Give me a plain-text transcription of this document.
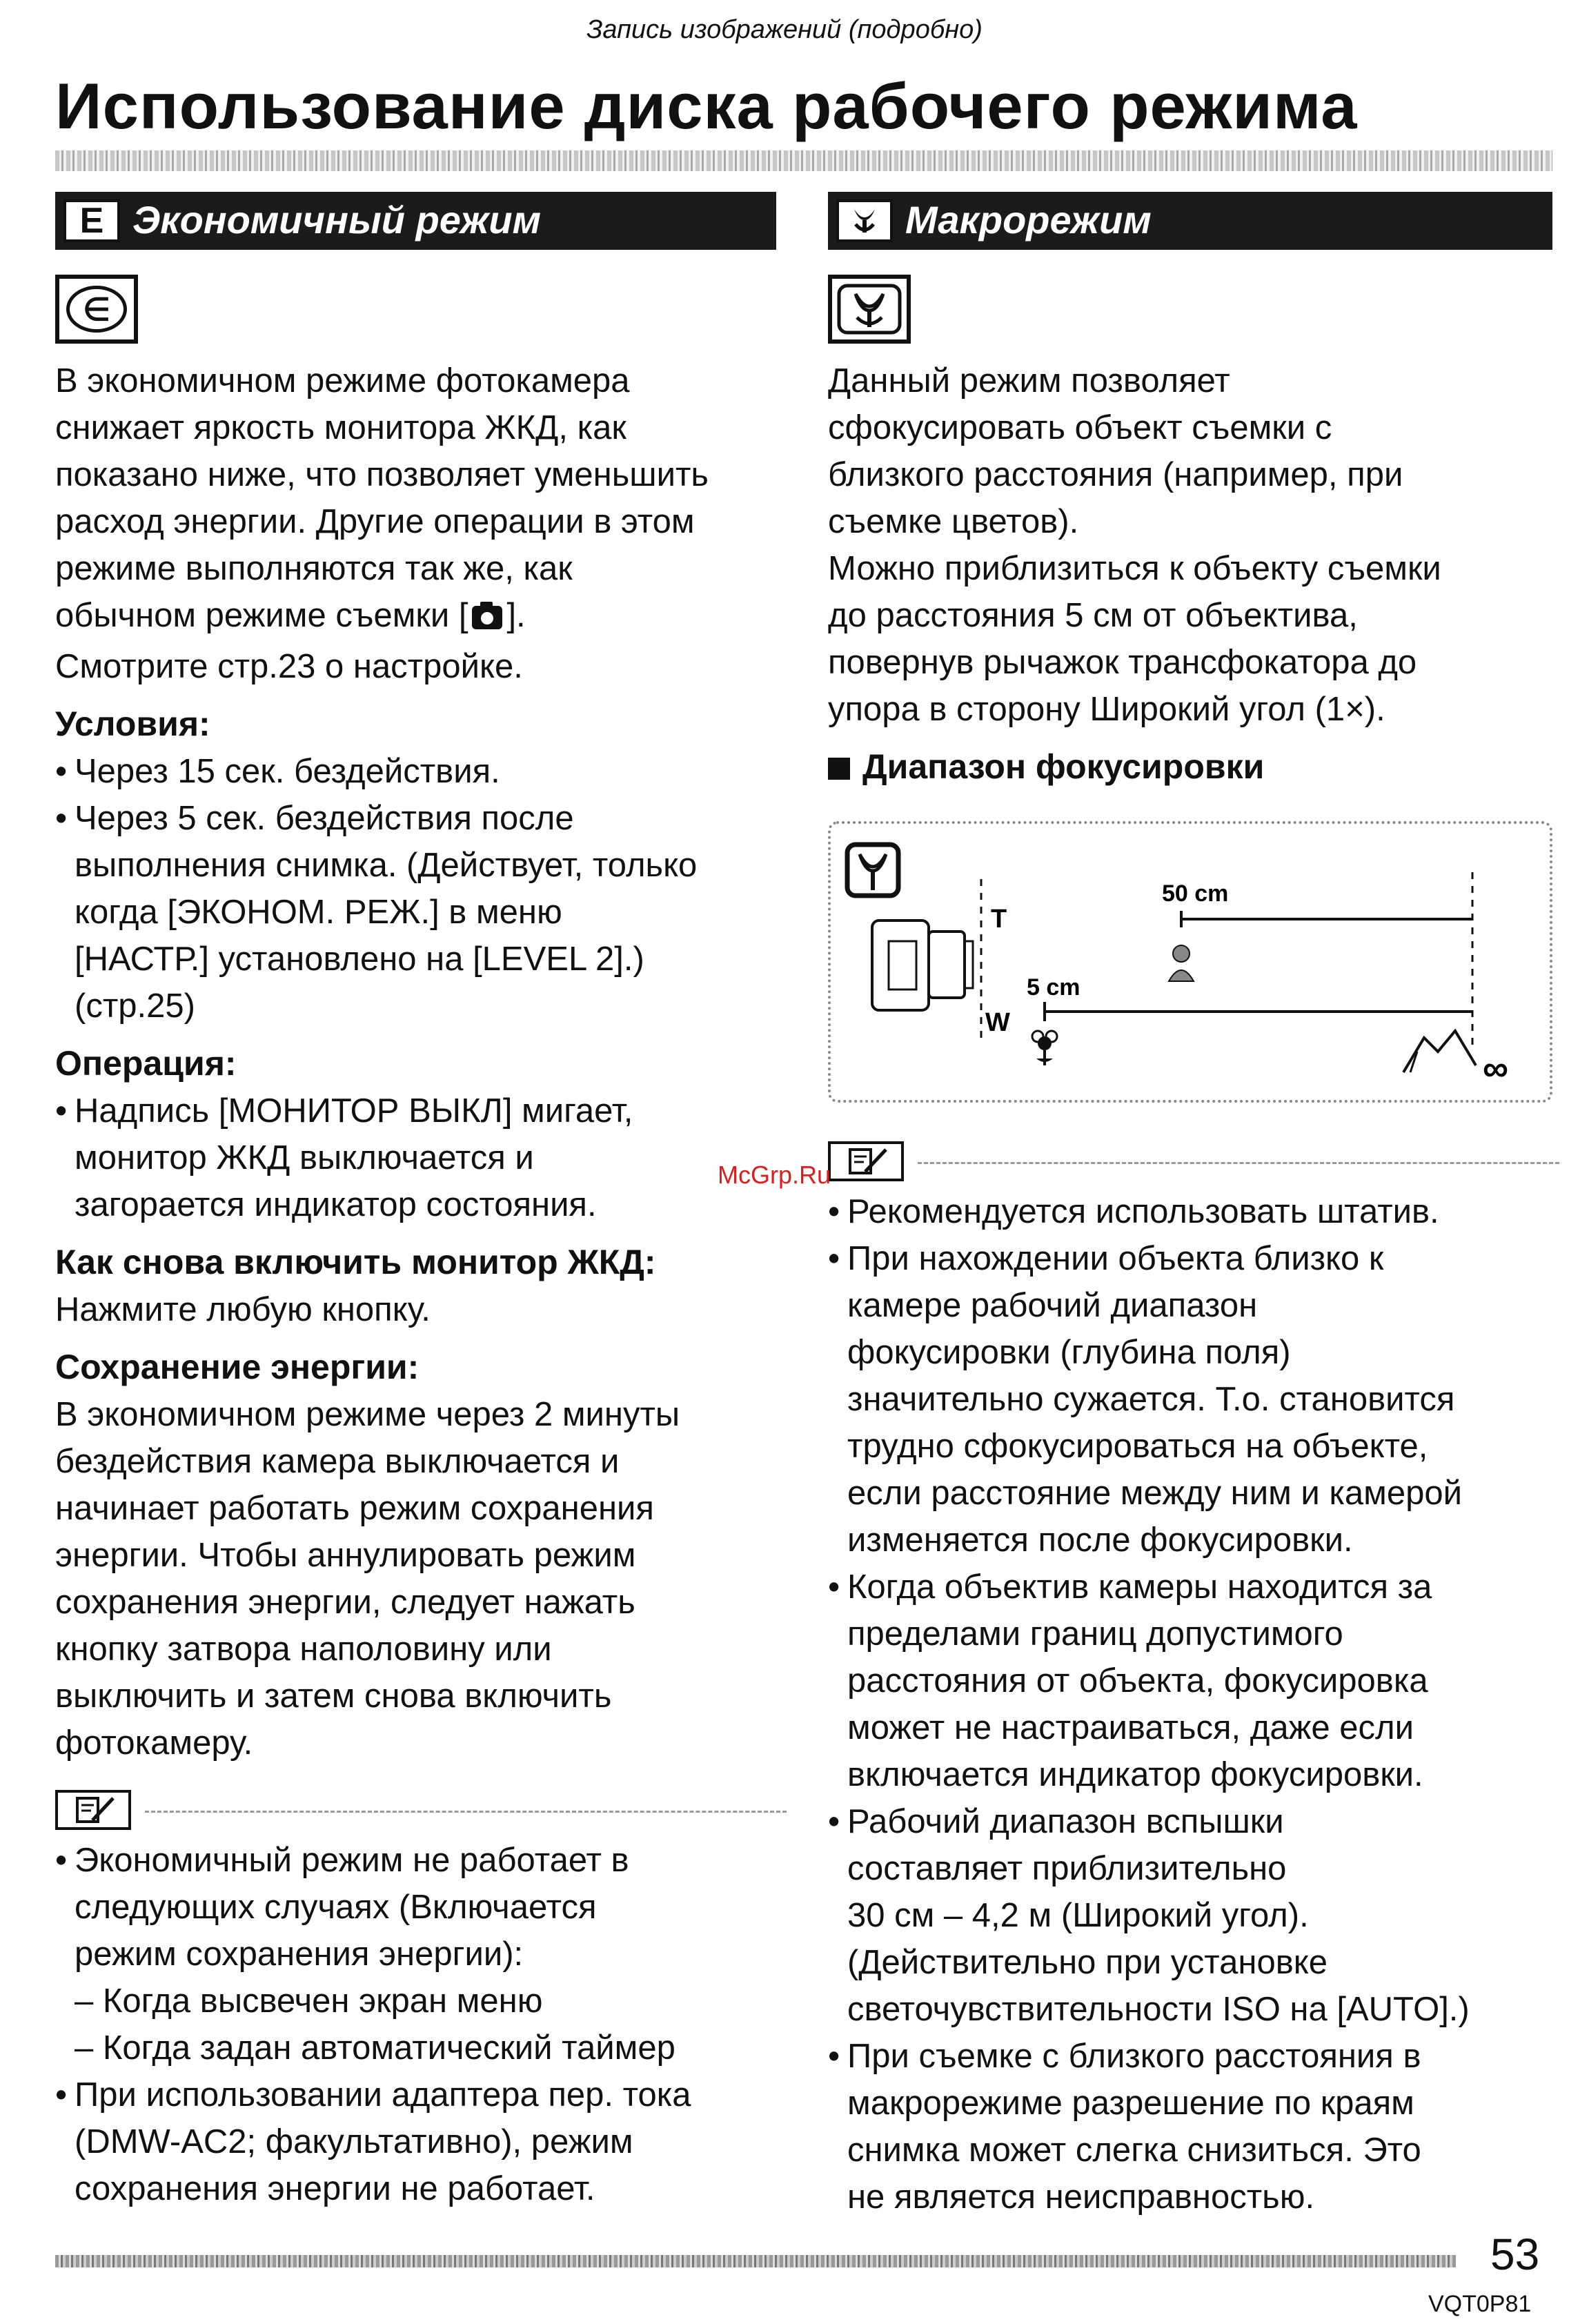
Запись изображений (подробно)
Использование диска рабочего режима
E Экономичный режим	Макрорежим
∈
В экономичном режиме фотокамера
снижает яркость монитора ЖКД, как
показано ниже, что позволяет уменьшить
расход энергии. Другие операции в этом
режиме выполняются так же, как
обычном режиме съемки [ ].
Смотрите стр.23 о настройке.
Условия:
• Через 15 сек. бездействия.
• Через 5 сек. бездействия после
выполнения снимка. (Действует, только
когда [ЭКОНОМ. РЕЖ.] в меню
[НАСТР.] установлено на [LEVEL 2].)
(стр.25)
Операция:
• Надпись [МОНИТОР ВЫКЛ] мигает,
монитор ЖКД выключается и
загорается индикатор состояния.
Как снова включить монитор ЖКД:
Нажмите любую кнопку.
Сохранение энергии:
В экономичном режиме через 2 минуты
бездействия камера выключается и
начинает работать режим сохранения
энергии. Чтобы аннулировать режим
сохранения энергии, следует нажать
кнопку затвора наполовину или
выключить и затем снова включить
фотокамеру.
• Экономичный режим не работает в
следующих случаях (Включается
режим сохранения энергии):
– Когда высвечен экран меню
– Когда задан автоматический таймер
• При использовании адаптера пер. тока
(DMW-AC2; факультативно), режим
сохранения энергии не работает.
Данный режим позволяет
сфокусировать объект съемки с
близкого расстояния (например, при
съемке цветов).
Можно приблизиться к объекту съемки
до расстояния 5 см от объектива,
повернув рычажок трансфокатора до
упора в сторону Широкий угол (1×).
Диапазон фокусировки
T
W
50 cm
5 cm
∞
• Рекомендуется использовать штатив.
• При нахождении объекта близко к
камере рабочий диапазон
фокусировки (глубина поля)
значительно сужается. Т.о. становится
трудно сфокусироваться на объекте,
если расстояние между ним и камерой
изменяется после фокусировки.
• Когда объектив камеры находится за
пределами границ допустимого
расстояния от объекта, фокусировка
может не настраиваться, даже если
включается индикатор фокусировки.
• Рабочий диапазон вспышки
составляет приблизительно
30 см – 4,2 м (Широкий угол).
(Действительно при установке
светочувствительности ISO на [AUTO].)
• При съемке с близкого расстояния в
макрорежиме разрешение по краям
снимка может слегка снизиться. Это
не является неисправностью.
McGrp.Ru
53
VQT0P81
